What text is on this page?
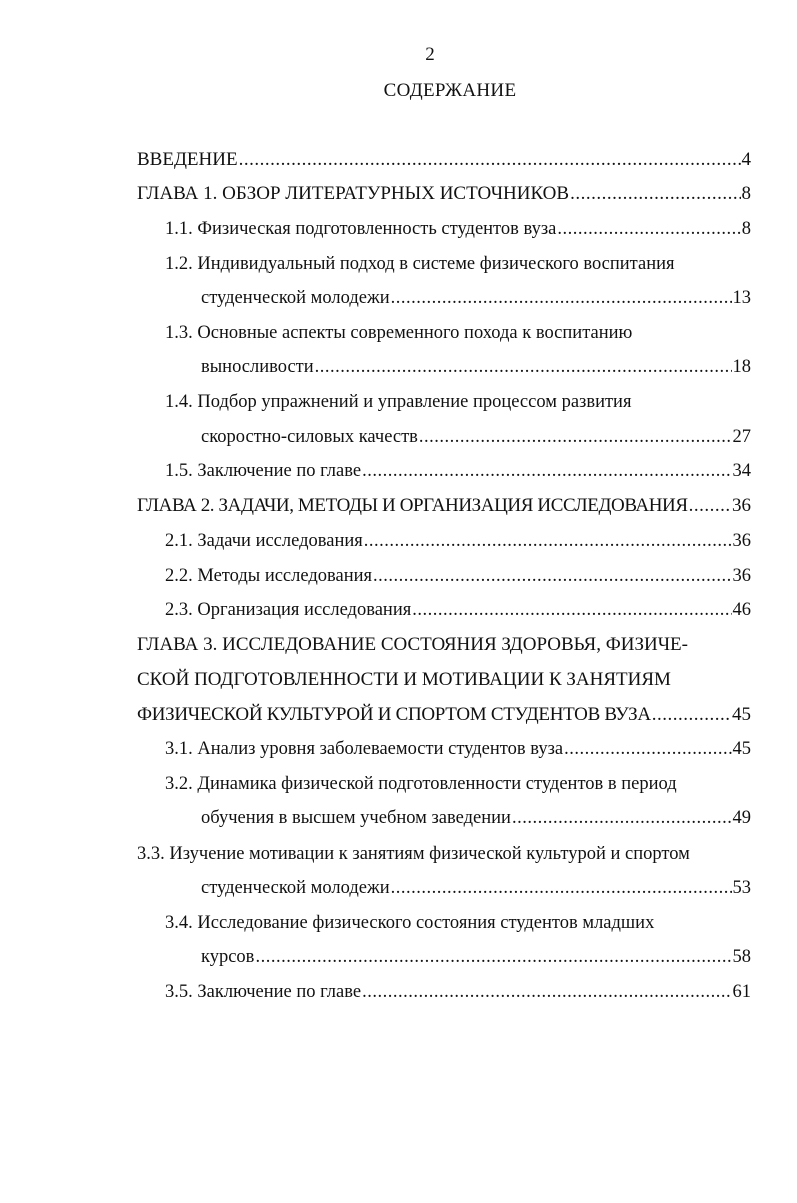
2
СОДЕРЖАНИЕ
ВВЕДЕНИЕ .....	4
ГЛАВА 1. ОБЗОР ЛИТЕРАТУРНЫХ ИСТОЧНИКОВ .....	8
1.1. Физическая подготовленность студентов вуза .....	8
1.2. Индивидуальный подход в системе физического воспитания
студенческой молодежи .....	13
1.3. Основные аспекты современного похода к воспитанию
выносливости .....	18
1.4. Подбор упражнений и управление процессом развития
скоростно-силовых качеств .....	27
1.5. Заключение по главе .....	34
ГЛАВА 2. ЗАДАЧИ, МЕТОДЫ И ОРГАНИЗАЦИЯ ИССЛЕДОВАНИЯ ..... 36
2.1. Задачи исследования .....	36
2.2. Методы исследования .....	36
2.3. Организация исследования .....	46
ГЛАВА 3. ИССЛЕДОВАНИЕ СОСТОЯНИЯ ЗДОРОВЬЯ, ФИЗИЧЕ-
СКОЙ ПОДГОТОВЛЕННОСТИ И МОТИВАЦИИ К ЗАНЯТИЯМ
ФИЗИЧЕСКОЙ КУЛЬТУРОЙ И СПОРТОМ СТУДЕНТОВ ВУЗА .....	45
3.1. Анализ уровня заболеваемости студентов вуза .....	45
3.2. Динамика физической подготовленности студентов в период
обучения в высшем учебном заведении .....	49
3.3. Изучение мотивации к занятиям физической культурой и спортом
студенческой молодежи .....	53
3.4. Исследование физического состояния студентов младших
курсов .....	58
3.5. Заключение по главе .....	61
